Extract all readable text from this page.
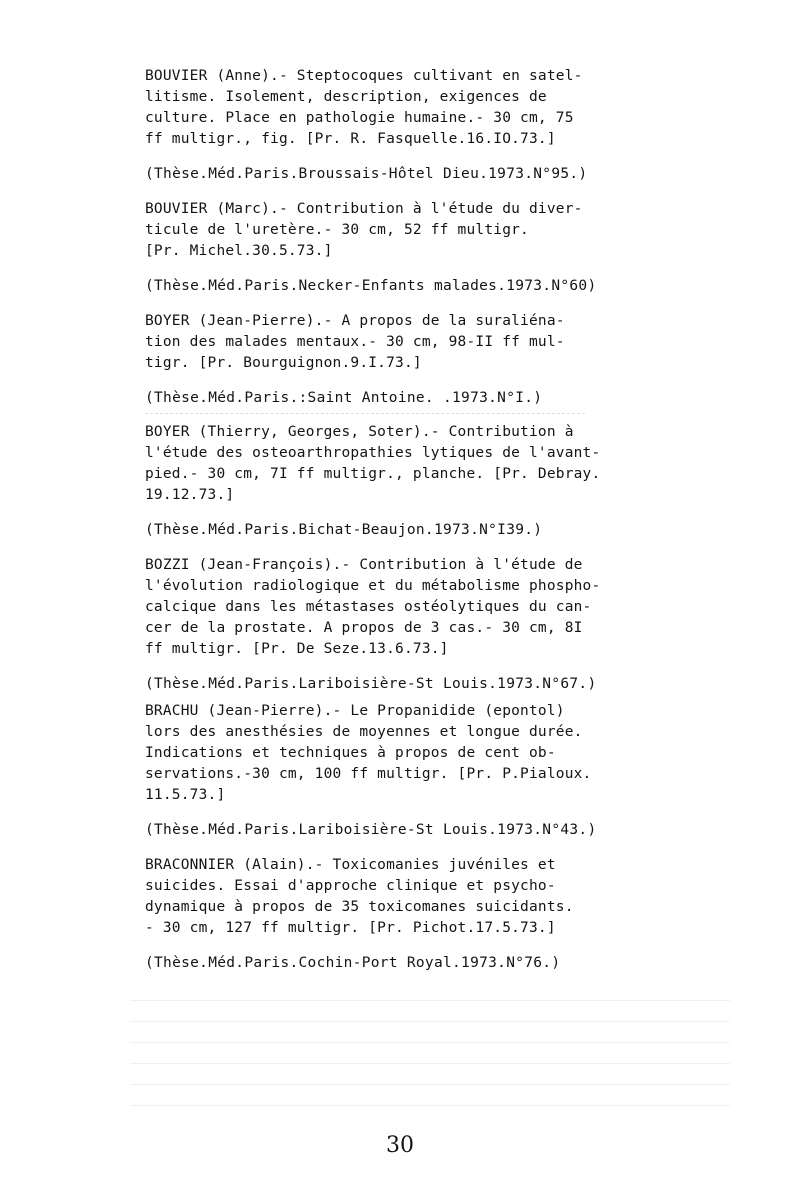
BOUVIER (Anne).- Steptocoques cultivant en satel-
litisme. Isolement, description, exigences de
culture. Place en pathologie humaine.- 30 cm, 75
ff multigr., fig. [Pr. R. Fasquelle.16.IO.73.]

(Thèse.Méd.Paris.Broussais-Hôtel Dieu.1973.N°95.)

BOUVIER (Marc).- Contribution à l'étude du diver-
ticule de l'uretère.- 30 cm, 52 ff multigr.
[Pr. Michel.30.5.73.]

(Thèse.Méd.Paris.Necker-Enfants malades.1973.N°60)

BOYER (Jean-Pierre).- A propos de la suraliéna-
tion des malades mentaux.- 30 cm, 98-II ff mul-
tigr. [Pr. Bourguignon.9.I.73.]

(Thèse.Méd.Paris.:Saint Antoine. .1973.N°I.)

BOYER (Thierry, Georges, Soter).- Contribution à
l'étude des osteoarthropathies lytiques de l'avant-
pied.- 30 cm, 7I ff multigr., planche. [Pr. Debray.
19.12.73.]

(Thèse.Méd.Paris.Bichat-Beaujon.1973.N°I39.)

BOZZI (Jean-François).- Contribution à l'étude de
l'évolution radiologique et du métabolisme phospho-
calcique dans les métastases ostéolytiques du can-
cer de la prostate. A propos de 3 cas.- 30 cm, 8I
ff multigr. [Pr. De Seze.13.6.73.]

(Thèse.Méd.Paris.Lariboisière-St Louis.1973.N°67.)

BRACHU (Jean-Pierre).- Le Propanidide (epontol)
lors des anesthésies de moyennes et longue durée.
Indications et techniques à propos de cent ob-
servations.-30 cm, 100 ff multigr. [Pr. P.Pialoux.
11.5.73.]

(Thèse.Méd.Paris.Lariboisière-St Louis.1973.N°43.)

BRACONNIER (Alain).- Toxicomanies juvéniles et
suicides. Essai d'approche clinique et psycho-
dynamique à propos de 35 toxicomanes suicidants.
- 30 cm, 127 ff multigr. [Pr. Pichot.17.5.73.]

(Thèse.Méd.Paris.Cochin-Port Royal.1973.N°76.)

30
